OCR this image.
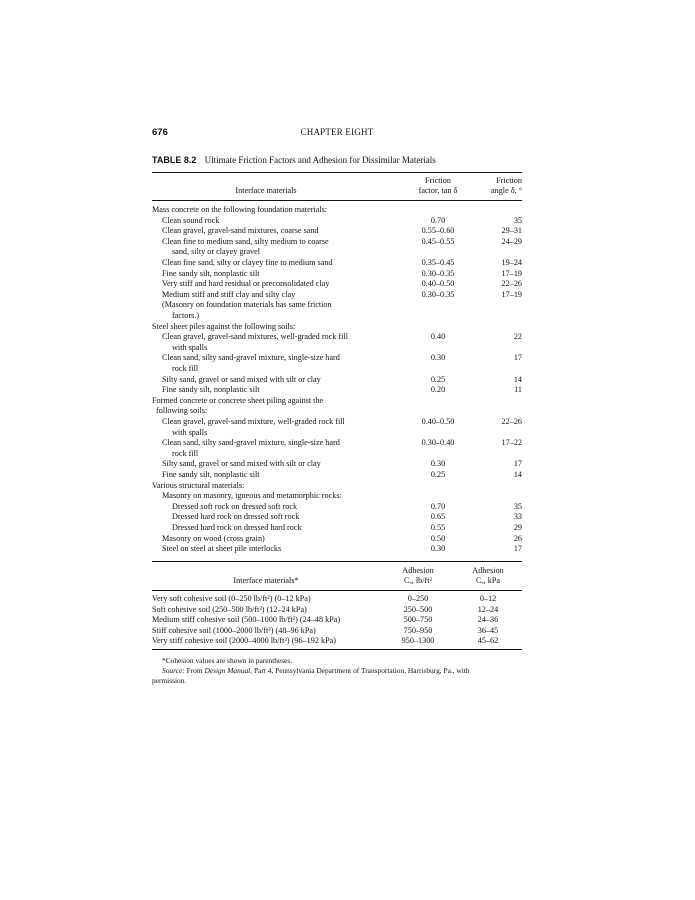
676	CHAPTER EIGHT
TABLE 8.2 Ultimate Friction Factors and Adhesion for Dissimilar Materials
Friction	Friction
Interface materials	factor, tan δ	angle δ, °
Mass concrete on the following foundation materials:
Clean sound rock	0.70	35
Clean gravel, gravel-sand mixtures, coarse sand	0.55–0.60	29–31
Clean fine to medium sand, silty medium to coarse	0.45–0.55	24–29
sand, silty or clayey gravel
Clean fine sand, silty or clayey fine to medium sand	0.35–0.45	19–24
Fine sandy silt, nonplastic silt	0.30–0.35	17–19
Very stiff and hard residual or preconsolidated clay	0.40–0.50	22–26
Medium stiff and stiff clay and silty clay	0.30–0.35	17–19
(Masonry on foundation materials has same friction
factors.)
Steel sheet piles against the following soils:
Clean gravel, gravel-sand mixtures, well-graded rock fill	0.40	22
with spalls
Clean sand, silty sand-gravel mixture, single-size hard	0.30	17
rock fill
Silty sand, gravel or sand mixed with silt or clay	0.25	14
Fine sandy silt, nonplastic silt	0.20	11
Formed concrete or concrete sheet piling against the
following soils:
Clean gravel, gravel-sand mixture, well-graded rock fill	0.40–0.50	22–26
with spalls
Clean sand, silty sand-gravel mixture, single-size hard	0.30–0.40	17–22
rock fill
Silty sand, gravel or sand mixed with silt or clay	0.30	17
Fine sandy silt, nonplastic silt	0.25	14
Various structural materials:
Masonry on masonry, igneous and metamorphic rocks:
Dressed soft rock on dressed soft rock	0.70	35
Dressed hard rock on dressed soft rock	0.65	33
Dressed hard rock on dressed hard rock	0.55	29
Masonry on wood (cross grain)	0.50	26
Steel on steel at sheet pile interlocks	0.30	17
Adhesion	Adhesion
Interface materials*	Cₐ, lb/ft²	Cₐ, kPa
Very soft cohesive soil (0–250 lb/ft²) (0–12 kPa)	0–250	0–12
Soft cohesive soil (250–500 lb/ft²) (12–24 kPa)	250–500	12–24
Medium stiff cohesive soil (500–1000 lb/ft²) (24–48 kPa)	500–750	24–36
Stiff cohesive soil (1000–2000 lb/ft²) (48–96 kPa)	750–950	36–45
Very stiff cohesive soil (2000–4000 lb/ft²) (96–192 kPa)	950–1300	45–62
*Cohesion values are shown in parentheses.
Source: From Design Manual, Part 4, Pennsylvania Department of Transportation, Harrisburg, Pa., with
permission.
